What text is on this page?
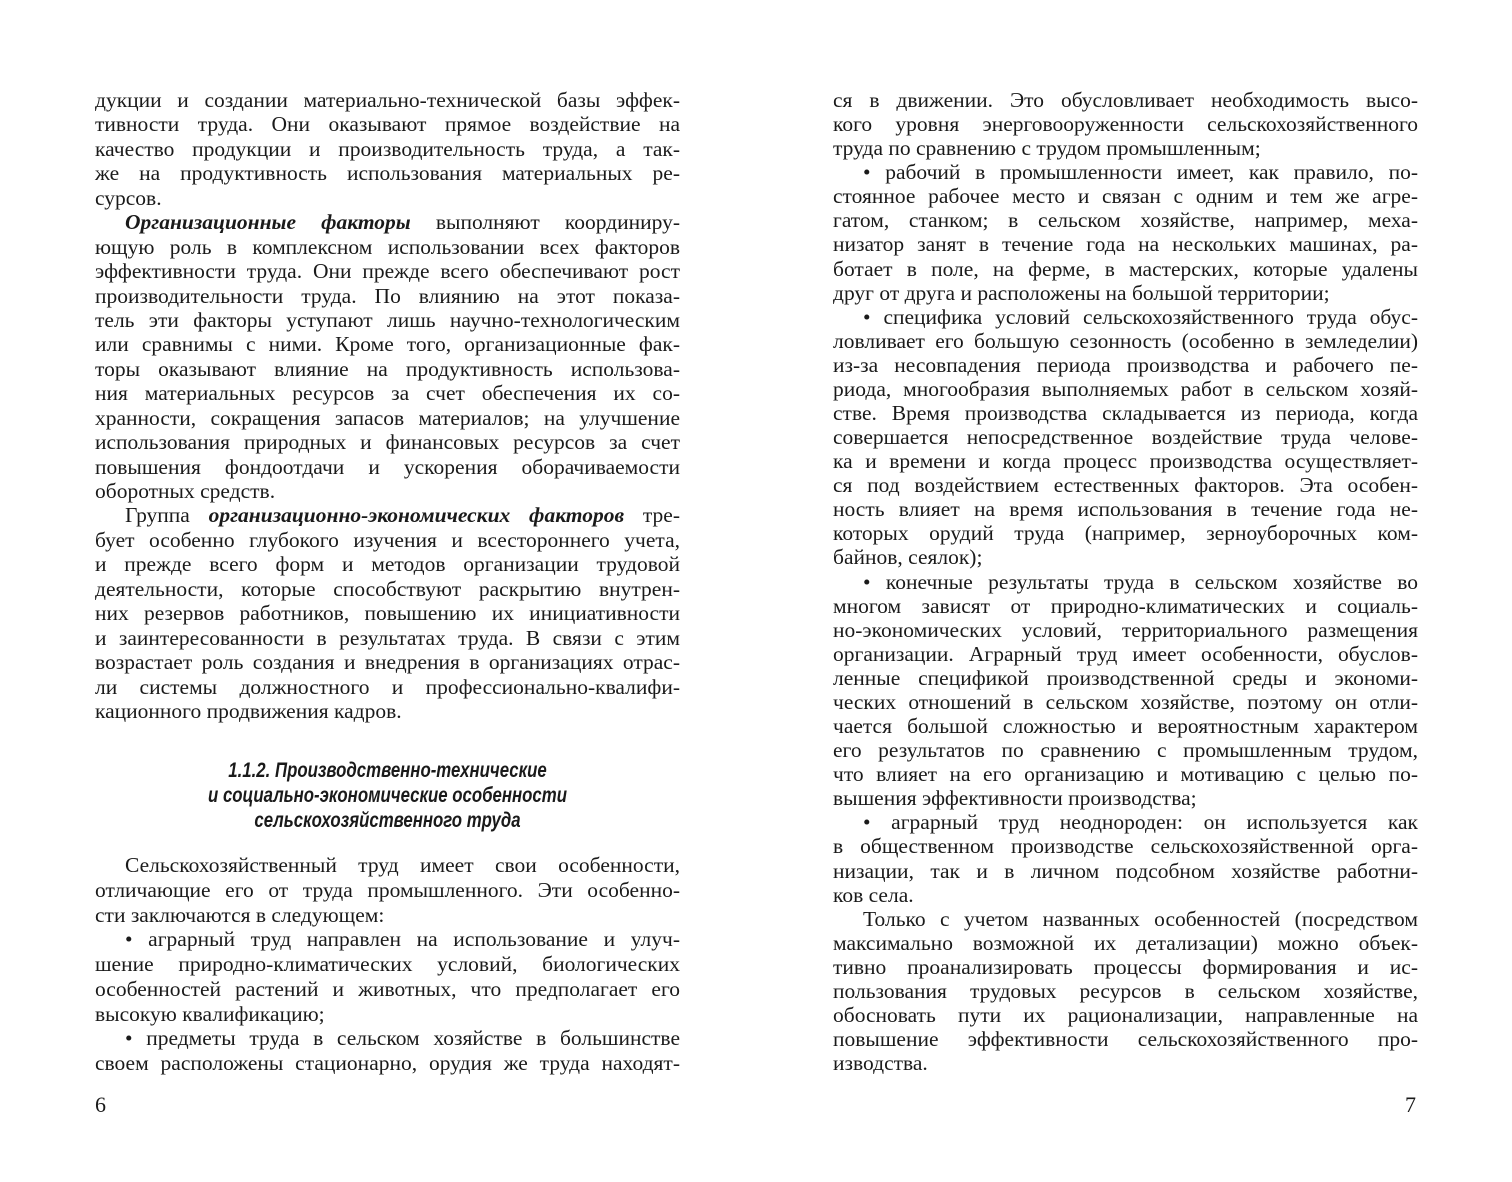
дукции и создании материально-технической базы эффек-
тивности труда. Они оказывают прямое воздействие на
качество продукции и производительность труда, а так-
же на продуктивность использования материальных ре-
сурсов.
Организационные факторы выполняют координиру-
ющую роль в комплексном использовании всех факторов
эффективности труда. Они прежде всего обеспечивают рост
производительности труда. По влиянию на этот показа-
тель эти факторы уступают лишь научно-технологическим
или сравнимы с ними. Кроме того, организационные фак-
торы оказывают влияние на продуктивность использова-
ния материальных ресурсов за счет обеспечения их со-
хранности, сокращения запасов материалов; на улучшение
использования природных и финансовых ресурсов за счет
повышения фондоотдачи и ускорения оборачиваемости
оборотных средств.
Группа организационно-экономических факторов тре-
бует особенно глубокого изучения и всестороннего учета,
и прежде всего форм и методов организации трудовой
деятельности, которые способствуют раскрытию внутрен-
них резервов работников, повышению их инициативности
и заинтересованности в результатах труда. В связи с этим
возрастает роль создания и внедрения в организациях отрас-
ли системы должностного и профессионально-квалифи-
кационного продвижения кадров.
1.1.2. Производственно-технические
и социально-экономические особенности
сельскохозяйственного труда
Сельскохозяйственный труд имеет свои особенности,
отличающие его от труда промышленного. Эти особенно-
сти заключаются в следующем:
• аграрный труд направлен на использование и улуч-
шение природно-климатических условий, биологических
особенностей растений и животных, что предполагает его
высокую квалификацию;
• предметы труда в сельском хозяйстве в большинстве
своем расположены стационарно, орудия же труда находят-
ся в движении. Это обусловливает необходимость высо-
кого уровня энерговооруженности сельскохозяйственного
труда по сравнению с трудом промышленным;
• рабочий в промышленности имеет, как правило, по-
стоянное рабочее место и связан с одним и тем же агре-
гатом, станком; в сельском хозяйстве, например, меха-
низатор занят в течение года на нескольких машинах, ра-
ботает в поле, на ферме, в мастерских, которые удалены
друг от друга и расположены на большой территории;
• специфика условий сельскохозяйственного труда обус-
ловливает его большую сезонность (особенно в земледелии)
из-за несовпадения периода производства и рабочего пе-
риода, многообразия выполняемых работ в сельском хозяй-
стве. Время производства складывается из периода, когда
совершается непосредственное воздействие труда челове-
ка и времени и когда процесс производства осуществляет-
ся под воздействием естественных факторов. Эта особен-
ность влияет на время использования в течение года не-
которых орудий труда (например, зерноуборочных ком-
байнов, сеялок);
• конечные результаты труда в сельском хозяйстве во
многом зависят от природно-климатических и социаль-
но-экономических условий, территориального размещения
организации. Аграрный труд имеет особенности, обуслов-
ленные спецификой производственной среды и экономи-
ческих отношений в сельском хозяйстве, поэтому он отли-
чается большой сложностью и вероятностным характером
его результатов по сравнению с промышленным трудом,
что влияет на его организацию и мотивацию с целью по-
вышения эффективности производства;
• аграрный труд неоднороден: он используется как
в общественном производстве сельскохозяйственной орга-
низации, так и в личном подсобном хозяйстве работни-
ков села.
Только с учетом названных особенностей (посредством
максимально возможной их детализации) можно объек-
тивно проанализировать процессы формирования и ис-
пользования трудовых ресурсов в сельском хозяйстве,
обосновать пути их рационализации, направленные на
повышение эффективности сельскохозяйственного про-
изводства.
6	7
